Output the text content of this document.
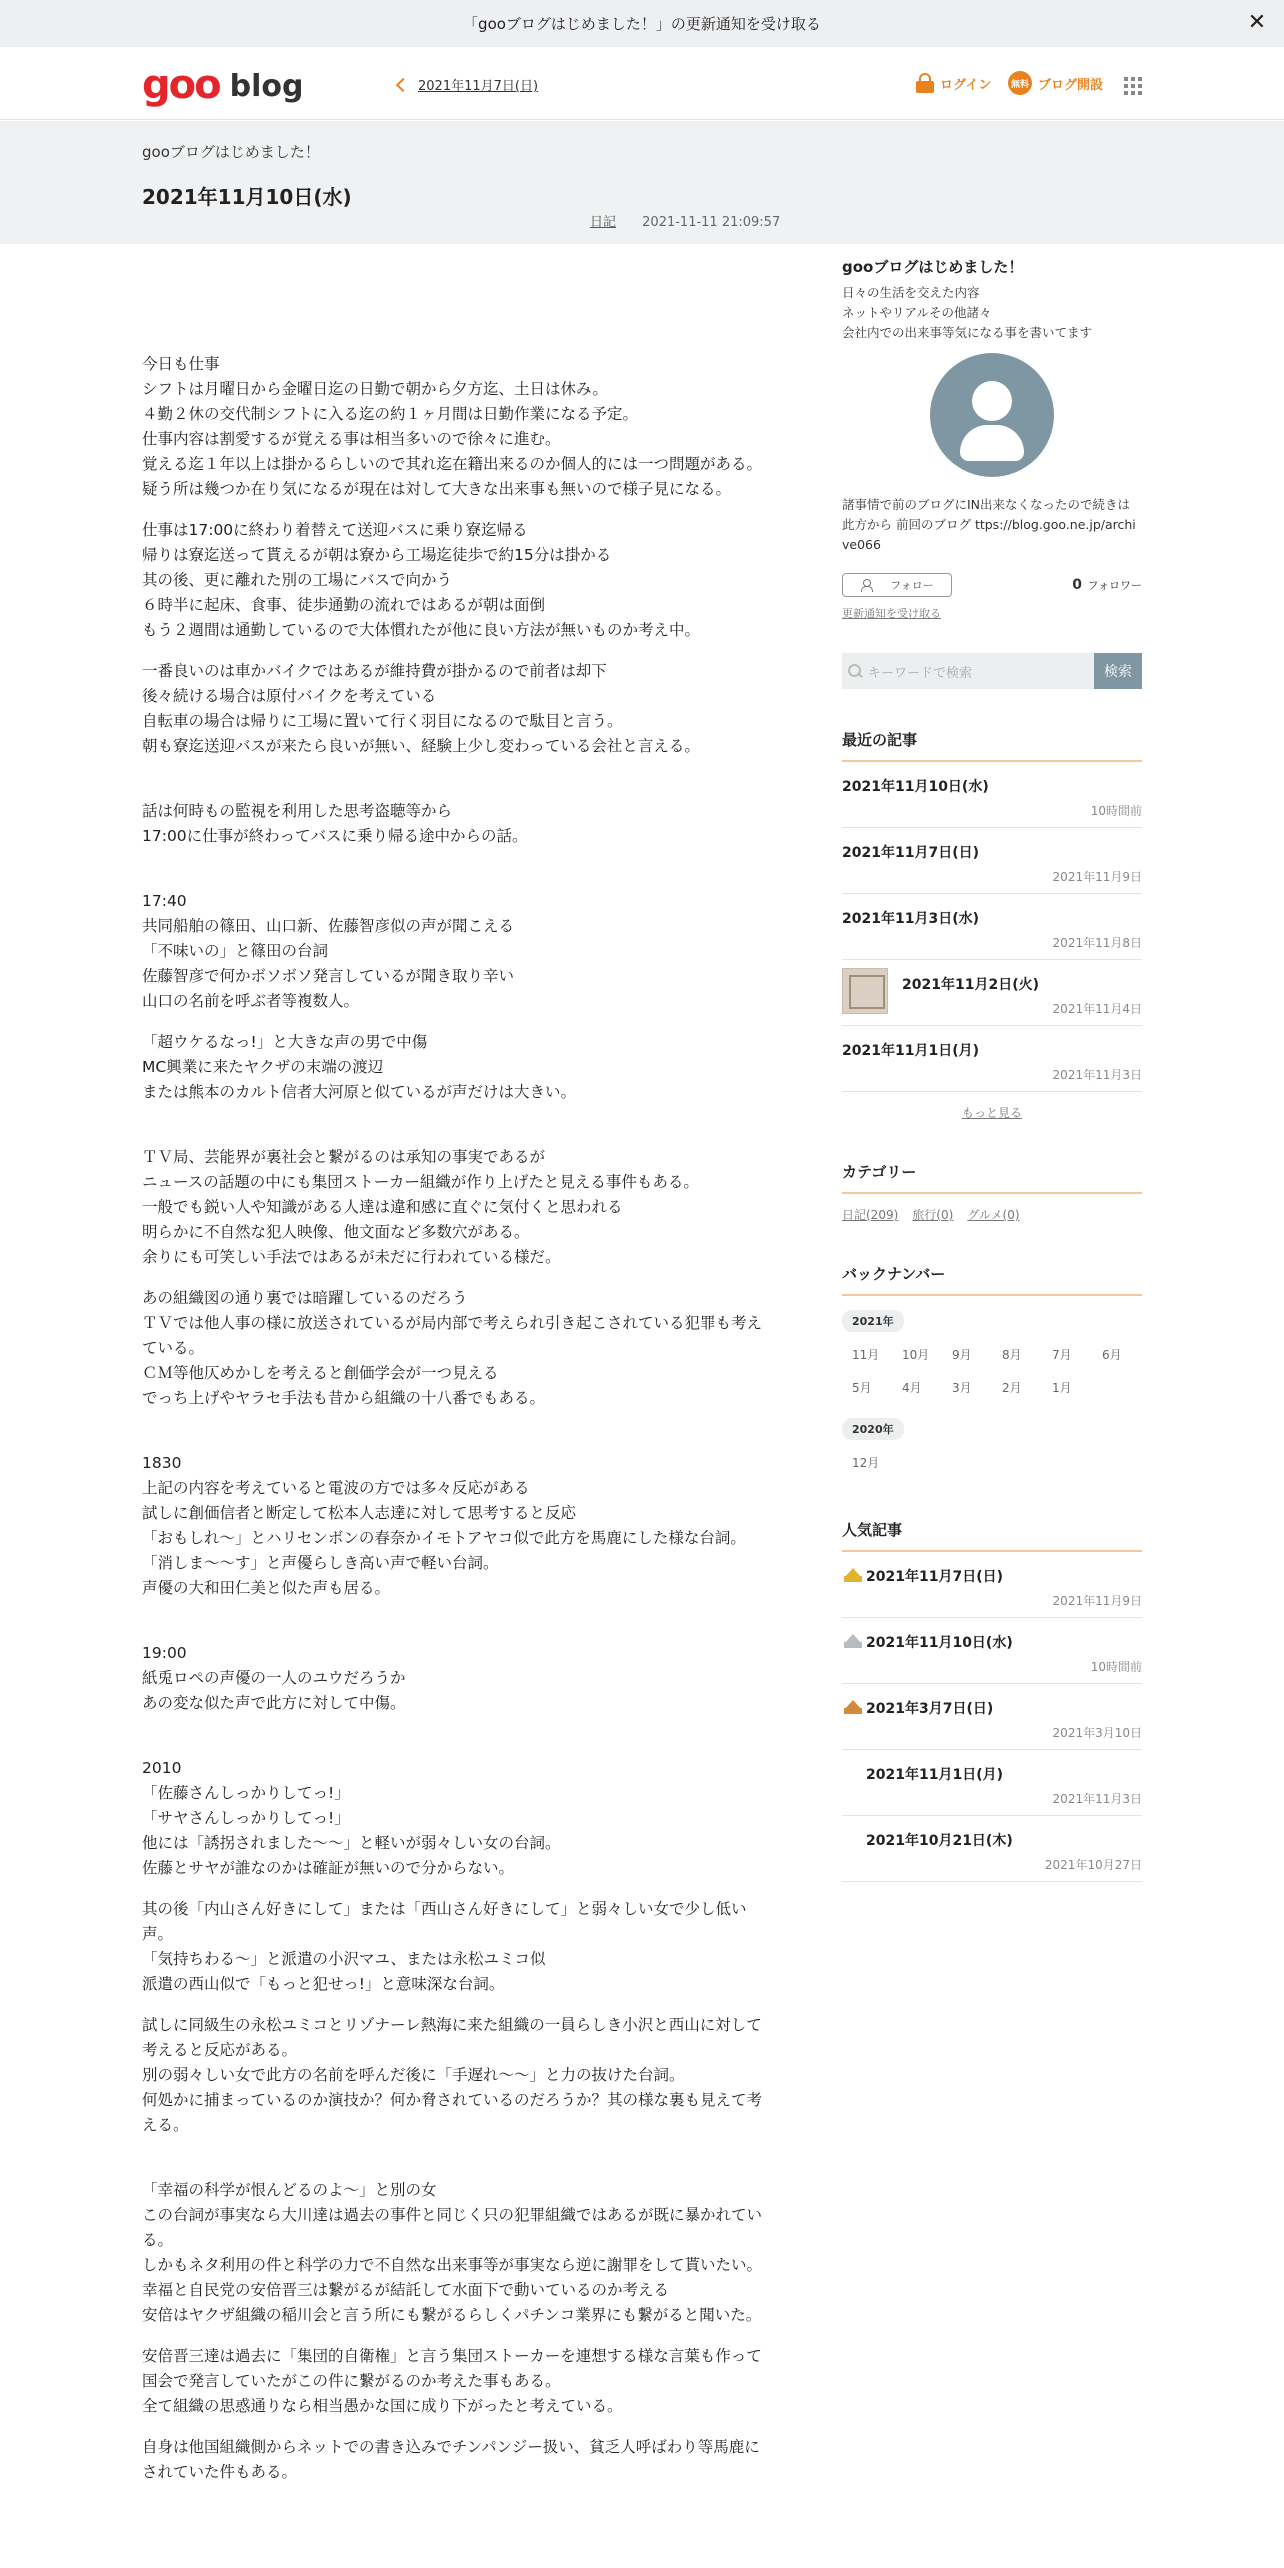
「gooブログはじめました！」の更新通知を受け取る	✕
goo blog	2021年11月7日(日)	ログイン	無料 ブログ開設
gooブログはじめました！
2021年11月10日(水)
日記 2021-11-11 21:09:57

今日も仕事
シフトは月曜日から金曜日迄の日勤で朝から夕方迄、土日は休み。
４勤２休の交代制シフトに入る迄の約１ヶ月間は日勤作業になる予定。
仕事内容は割愛するが覚える事は相当多いので徐々に進む。
覚える迄１年以上は掛かるらしいので其れ迄在籍出来るのか個人的には一つ問題がある。
疑う所は幾つか在り気になるが現在は対して大きな出来事も無いので様子見になる。

仕事は17:00に終わり着替えて送迎バスに乗り寮迄帰る
帰りは寮迄送って貰えるが朝は寮から工場迄徒歩で約15分は掛かる
其の後、更に離れた別の工場にバスで向かう
６時半に起床、食事、徒歩通勤の流れではあるが朝は面倒
もう２週間は通勤しているので大体慣れたが他に良い方法が無いものか考え中。

一番良いのは車かバイクではあるが維持費が掛かるので前者は却下
後々続ける場合は原付バイクを考えている
自転車の場合は帰りに工場に置いて行く羽目になるので駄目と言う。
朝も寮迄送迎バスが来たら良いが無い、経験上少し変わっている会社と言える。

話は何時もの監視を利用した思考盗聴等から
17:00に仕事が終わってバスに乗り帰る途中からの話。

17:40
共同船舶の篠田、山口新、佐藤智彦似の声が聞こえる
「不味いの」と篠田の台詞
佐藤智彦で何かボソボソ発言しているが聞き取り辛い
山口の名前を呼ぶ者等複数人。

「超ウケるなっ!」と大きな声の男で中傷
MC興業に来たヤクザの末端の渡辺
または熊本のカルト信者大河原と似ているが声だけは大きい。

ＴＶ局、芸能界が裏社会と繋がるのは承知の事実であるが
ニュースの話題の中にも集団ストーカー組織が作り上げたと見える事件もある。
一般でも鋭い人や知識がある人達は違和感に直ぐに気付くと思われる
明らかに不自然な犯人映像、他文面など多数穴がある。
余りにも可笑しい手法ではあるが未だに行われている様だ。

あの組織図の通り裏では暗躍しているのだろう
ＴＶでは他人事の様に放送されているが局内部で考えられ引き起こされている犯罪も考えている。
ＣＭ等他仄めかしを考えると創価学会が一つ見える
でっち上げやヤラセ手法も昔から組織の十八番でもある。

1830
上記の内容を考えていると電波の方では多々反応がある
試しに創価信者と断定して松本人志達に対して思考すると反応
「おもしれ～」とハリセンボンの春奈かイモトアヤコ似で此方を馬鹿にした様な台詞。
「消しま～～す」と声優らしき高い声で軽い台詞。
声優の大和田仁美と似た声も居る。

19:00
紙兎ロペの声優の一人のユウだろうか
あの変な似た声で此方に対して中傷。

2010
「佐藤さんしっかりしてっ!」
「サヤさんしっかりしてっ!」
他には「誘拐されました～～」と軽いが弱々しい女の台詞。
佐藤とサヤが誰なのかは確証が無いので分からない。

其の後「内山さん好きにして」または「西山さん好きにして」と弱々しい女で少し低い声。
「気持ちわる～」と派遣の小沢マユ、または永松ユミコ似
派遣の西山似で「もっと犯せっ!」と意味深な台詞。

試しに同級生の永松ユミコとリゾナーレ熱海に来た組織の一員らしき小沢と西山に対して考えると反応がある。
別の弱々しい女で此方の名前を呼んだ後に「手遅れ～～」と力の抜けた台詞。
何処かに捕まっているのか演技か？何か脅されているのだろうか？其の様な裏も見えて考える。

「幸福の科学が恨んどるのよ～」と別の女
この台詞が事実なら大川達は過去の事件と同じく只の犯罪組織ではあるが既に暴かれている。
しかもネタ利用の件と科学の力で不自然な出来事等が事実なら逆に謝罪をして貰いたい。
幸福と自民党の安倍晋三は繋がるが結託して水面下で動いているのか考える
安倍はヤクザ組織の稲川会と言う所にも繋がるらしくパチンコ業界にも繋がると聞いた。

安倍晋三達は過去に「集団的自衛権」と言う集団ストーカーを連想する様な言葉も作って国会で発言していたがこの件に繋がるのか考えた事もある。
全て組織の思惑通りなら相当愚かな国に成り下がったと考えている。

自身は他国組織側からネットでの書き込みでチンパンジー扱い、貧乏人呼ばわり等馬鹿にされていた件もある。

gooブログはじめました！
日々の生活を交えた内容
ネットやリアルその他諸々
会社内での出来事等気になる事を書いてます
諸事情で前のブログにIN出来なくなったので続きは此方から 前回のブログ ttps://blog.goo.ne.jp/archive066
フォロー	0 フォロワー
更新通知を受け取る
キーワードで検索	検索
最近の記事
2021年11月10日(水)
10時間前
2021年11月7日(日)
2021年11月9日
2021年11月3日(水)
2021年11月8日
2021年11月2日(火)
2021年11月4日
2021年11月1日(月)
2021年11月3日
もっと見る
カテゴリー
日記(209) 旅行(0) グルメ(0)
バックナンバー
2021年
11月	10月	9月	8月	7月	6月
5月	4月	3月	2月	1月
2020年
12月
人気記事
2021年11月7日(日)
2021年11月9日
2021年11月10日(水)
10時間前
2021年3月7日(日)
2021年3月10日
2021年11月1日(月)
2021年11月3日
2021年10月21日(木)
2021年10月27日
